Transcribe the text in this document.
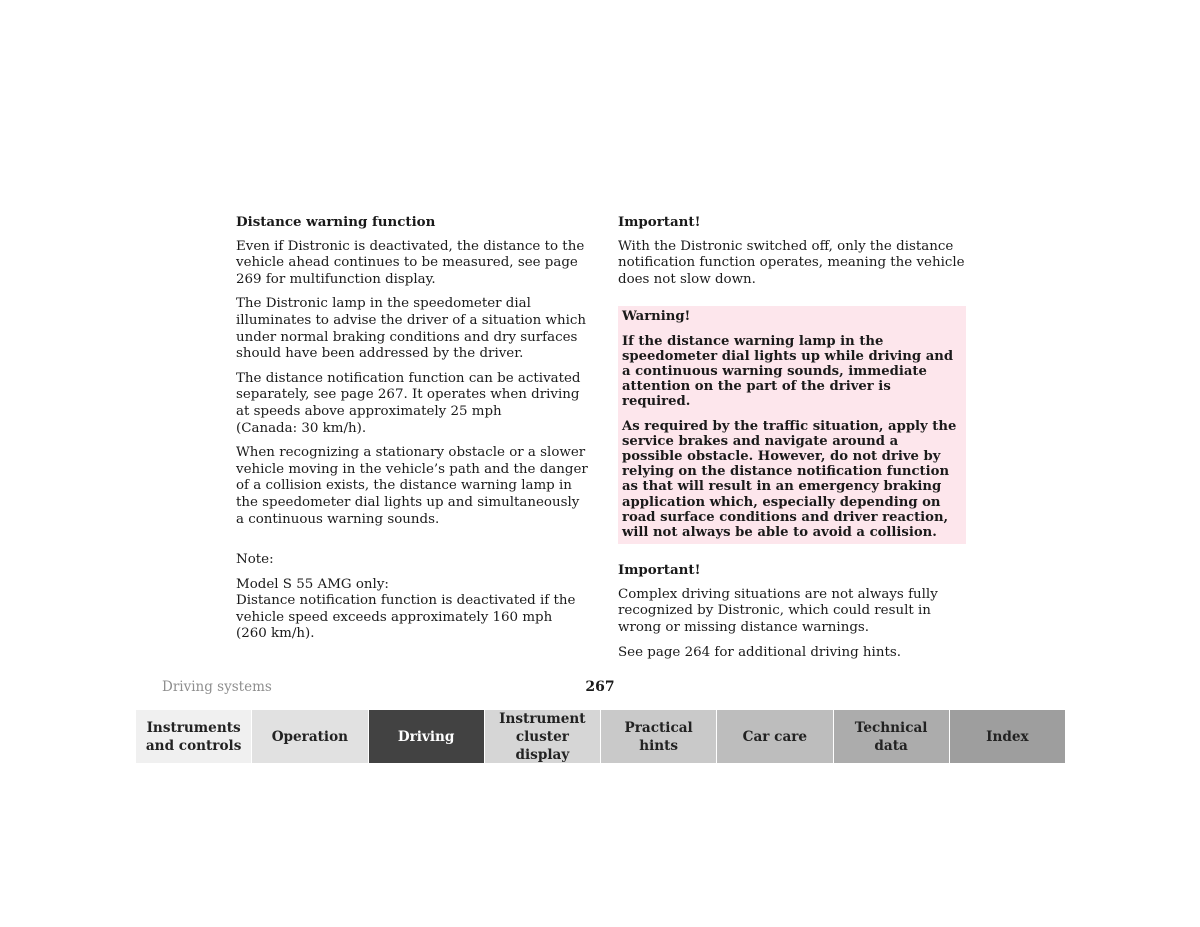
Distance warning function

Even if Distronic is deactivated, the distance to the vehicle ahead continues to be measured, see page 269 for multifunction display.

The Distronic lamp in the speedometer dial illuminates to advise the driver of a situation which under normal braking conditions and dry surfaces should have been addressed by the driver.

The distance notification function can be activated separately, see page 267. It operates when driving at speeds above approximately 25 mph
(Canada: 30 km/h).

When recognizing a stationary obstacle or a slower vehicle moving in the vehicle’s path and the danger of a collision exists, the distance warning lamp in the speedometer dial lights up and simultaneously a continuous warning sounds.

Note:

Model S 55 AMG only:
Distance notification function is deactivated if the vehicle speed exceeds approximately 160 mph
(260 km/h).

Important!

With the Distronic switched off, only the distance notification function operates, meaning the vehicle does not slow down.

Warning!

If the distance warning lamp in the speedometer dial lights up while driving and a continuous warning sounds, immediate attention on the part of the driver is required.

As required by the traffic situation, apply the service brakes and navigate around a possible obstacle. However, do not drive by relying on the distance notification function as that will result in an emergency braking application which, especially depending on road surface conditions and driver reaction, will not always be able to avoid a collision.

Important!

Complex driving situations are not always fully recognized by Distronic, which could result in wrong or missing distance warnings.

See page 264 for additional driving hints.

Driving systems	267
Instruments
and controls
Operation	Driving
Instrument
cluster display
Practical hints
Car care
Technical
data
Index
